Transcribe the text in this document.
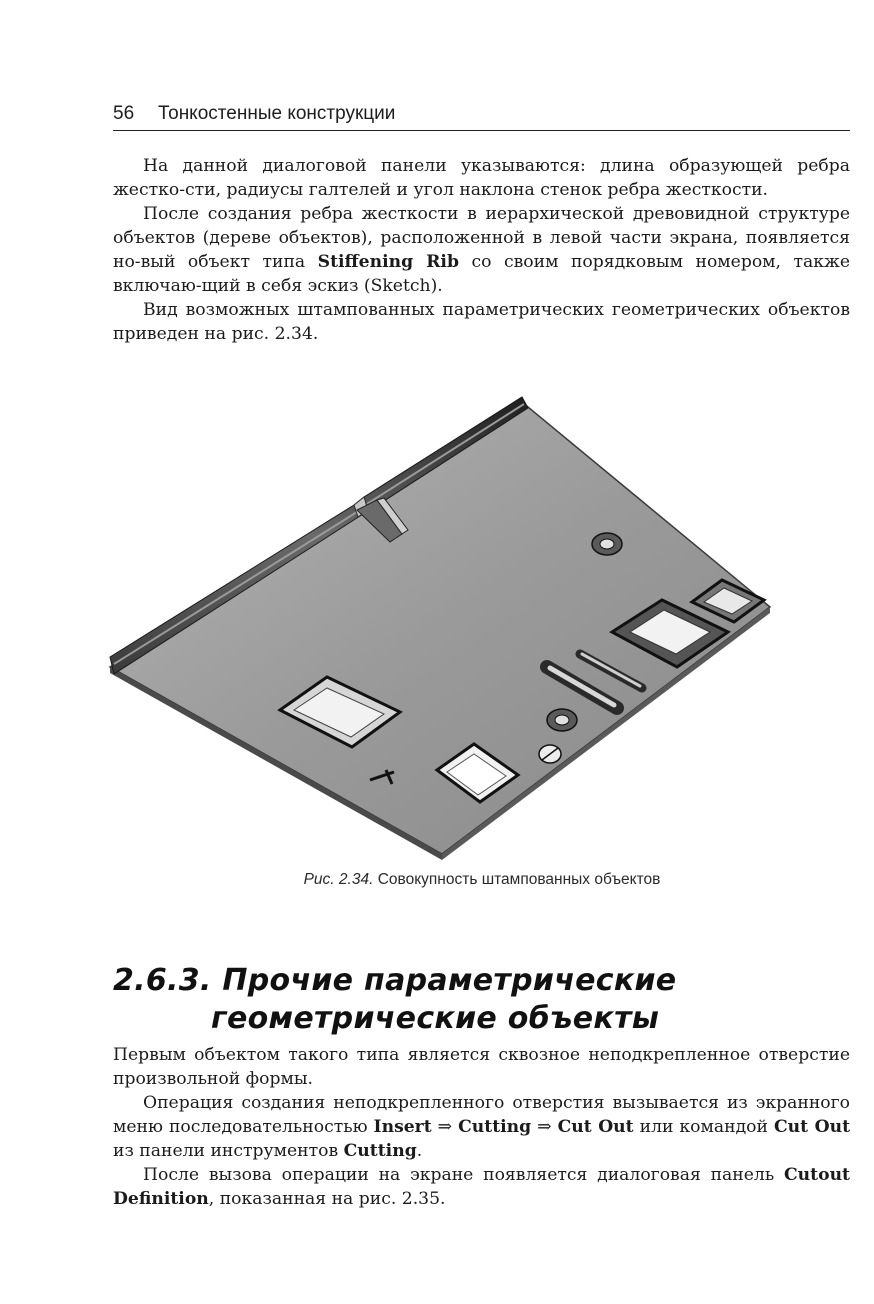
56 Тонкостенные конструкции

На данной диалоговой панели указываются: длина образующей ребра жестко-сти, радиусы галтелей и угол наклона стенок ребра жесткости.

После создания ребра жесткости в иерархической древовидной структуре объектов (дереве объектов), расположенной в левой части экрана, появляется но-вый объект типа Stiffening Rib со своим порядковым номером, также включаю-щий в себя эскиз (Sketch).

Вид возможных штампованных параметрических геометрических объектов приведен на рис. 2.34.

Рис. 2.34. Совокупность штампованных объектов
2.6.3. Прочие параметрические
геометрические объекты

Первым объектом такого типа является сквозное неподкрепленное отверстие произвольной формы.

Операция создания неподкрепленного отверстия вызывается из экранного меню последовательностью Insert ⇒ Cutting ⇒ Cut Out или командой Cut Out из панели инструментов Cutting.

После вызова операции на экране появляется диалоговая панель Cutout Definition, показанная на рис. 2.35.
